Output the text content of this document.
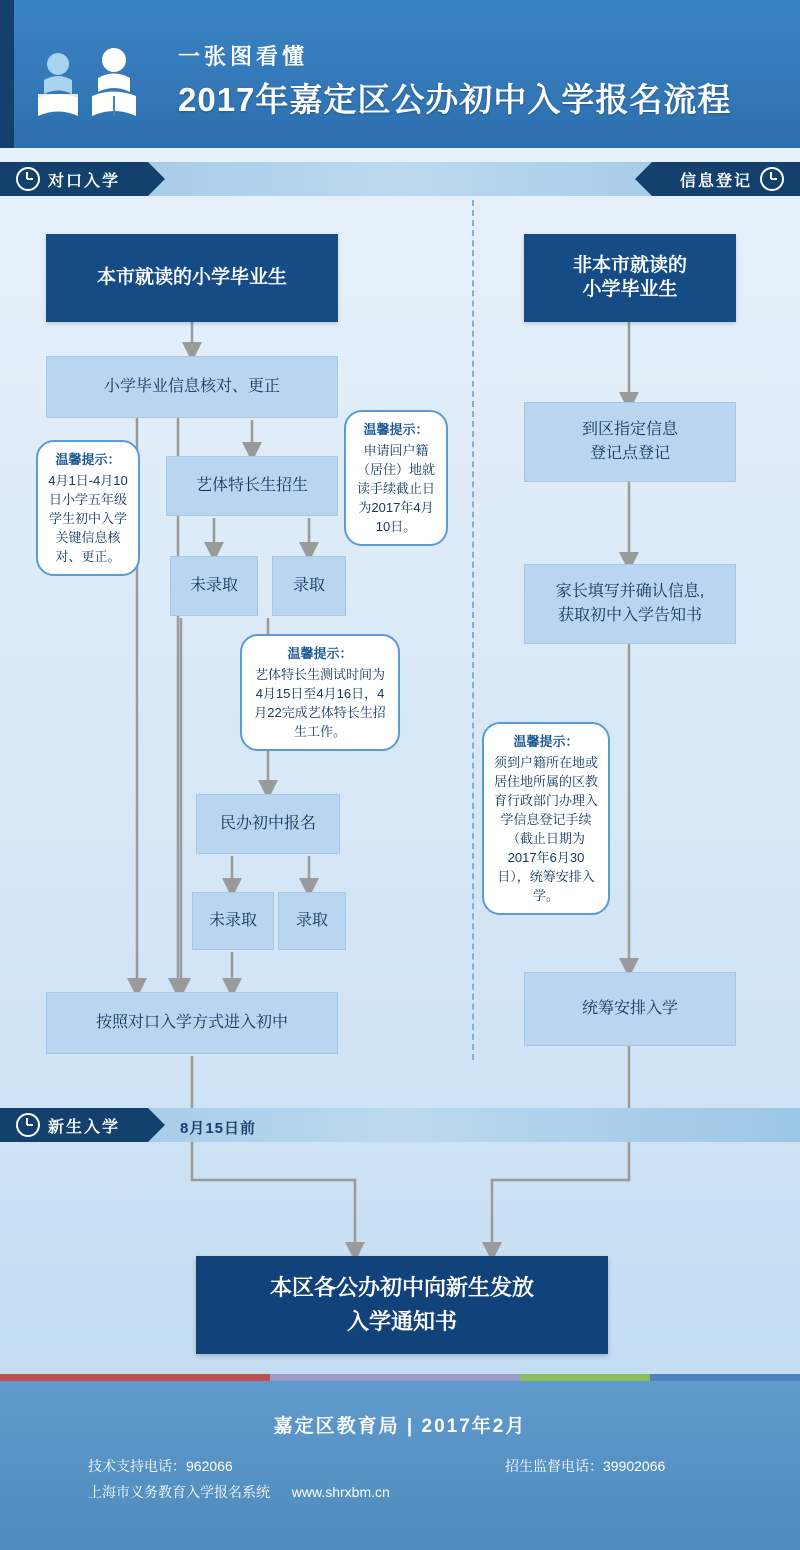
一张图看懂
2017年嘉定区公办初中入学报名流程
对口入学	信息登记
本市就读的小学毕业生
小学毕业信息核对、更正
艺体特长生招生
未录取	录取
民办初中报名
未录取	录取
按照对口入学方式进入初中
非本市就读的
小学毕业生
到区指定信息
登记点登记
家长填写并确认信息,
获取初中入学告知书
统筹安排入学
温馨提示：
4月1日-4月10日小学五年级学生初中入学关键信息核对、更正。
温馨提示：
申请回户籍（居住）地就读手续截止日为2017年4月10日。
温馨提示：
艺体特长生测试时间为4月15日至4月16日，4月22完成艺体特长生招生工作。
温馨提示：
须到户籍所在地或居住地所属的区教育行政部门办理入学信息登记手续（截止日期为2017年6月30日），统筹安排入学。
新生入学	8月15日前
本区各公办初中向新生发放
入学通知书
嘉定区教育局 | 2017年2月
技术支持电话：962066	招生监督电话：39902066
上海市义务教育入学报名系统 www.shrxbm.cn
